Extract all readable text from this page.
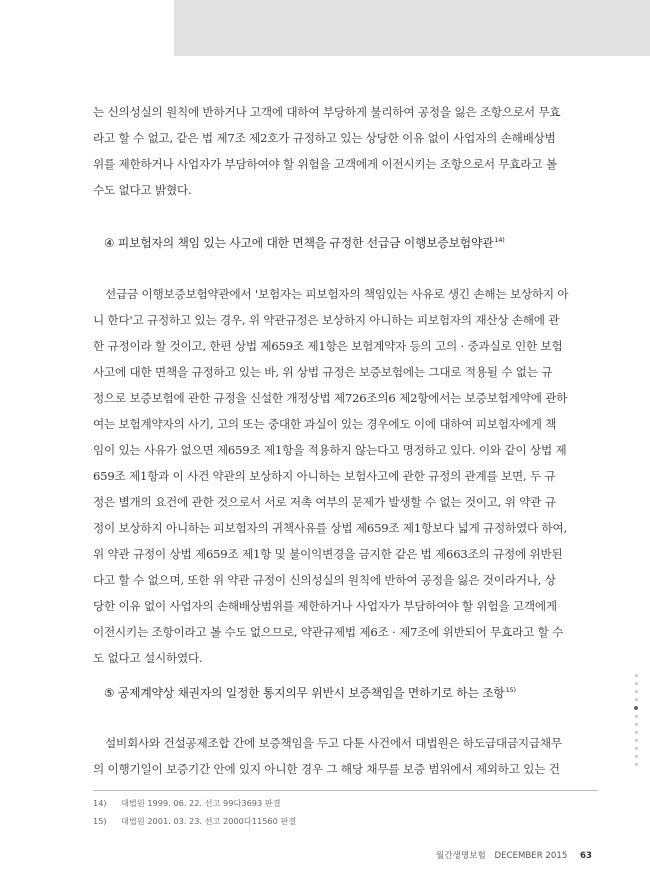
는 신의성실의 원칙에 반하거나 고객에 대하여 부당하게 불리하여 공정을 잃은 조항으로서 무효
라고 할 수 없고, 같은 법 제7조 제2호가 규정하고 있는 상당한 이유 없이 사업자의 손해배상범
위를 제한하거나 사업자가 부담하여야 할 위험을 고객에게 이전시키는 조항으로서 무효라고 볼
수도 없다고 밝혔다.
④ 피보험자의 책임 있는 사고에 대한 면책을 규정한 선급금 이행보증보험약관$^{14)}$
선급금 이행보증보험약관에서 '보험자는 피보험자의 책임있는 사유로 생긴 손해는 보상하지 아
니 한다'고 규정하고 있는 경우, 위 약관규정은 보상하지 아니하는 피보험자의 재산상 손해에 관
한 규정이라 할 것이고, 한편 상법 제659조 제1항은 보험계약자 등의 고의 · 중과실로 인한 보험
사고에 대한 면책을 규정하고 있는 바, 위 상법 규정은 보증보험에는 그대로 적용될 수 없는 규
정으로 보증보험에 관한 규정을 신설한 개정상법 제726조의6 제2항에서는 보증보험계약에 관하
여는 보험계약자의 사기, 고의 또는 중대한 과실이 있는 경우에도 이에 대하여 피보험자에게 책
임이 있는 사유가 없으면 제659조 제1항을 적용하지 않는다고 명정하고 있다. 이와 같이 상법 제
659조 제1항과 이 사건 약관의 보상하지 아니하는 보험사고에 관한 규정의 관계를 보면, 두 규
정은 별개의 요건에 관한 것으로서 서로 저촉 여부의 문제가 발생할 수 없는 것이고, 위 약관 규
정이 보상하지 아니하는 피보험자의 귀책사유를 상법 제659조 제1항보다 넓게 규정하였다 하여,
위 약관 규정이 상법 제659조 제1항 및 불이익변경을 금지한 같은 법 제663조의 규정에 위반된
다고 할 수 없으며, 또한 위 약관 규정이 신의성실의 원칙에 반하여 공정을 잃은 것이라거나, 상
당한 이유 없이 사업자의 손해배상범위를 제한하거나 사업자가 부담하여야 할 위험을 고객에게
이전시키는 조항이라고 볼 수도 없으므로, 약관규제법 제6조 · 제7조에 위반되어 무효라고 할 수
도 없다고 설시하였다.
⑤ 공제계약상 채권자의 일정한 통지의무 위반시 보증책임을 면하기로 하는 조항$^{15)}$
설비회사와 건설공제조합 간에 보증책임을 두고 다툰 사건에서 대법원은 하도급대금지급채무
의 이행기일이 보증기간 안에 있지 아니한 경우 그 해당 채무를 보증 범위에서 제외하고 있는 건
14) 대법원 1999. 06. 22. 선고 99다3693 판결
15) 대법원 2001. 03. 23. 선고 2000다11560 판결
월간생명보험 DECEMBER 2015 63
